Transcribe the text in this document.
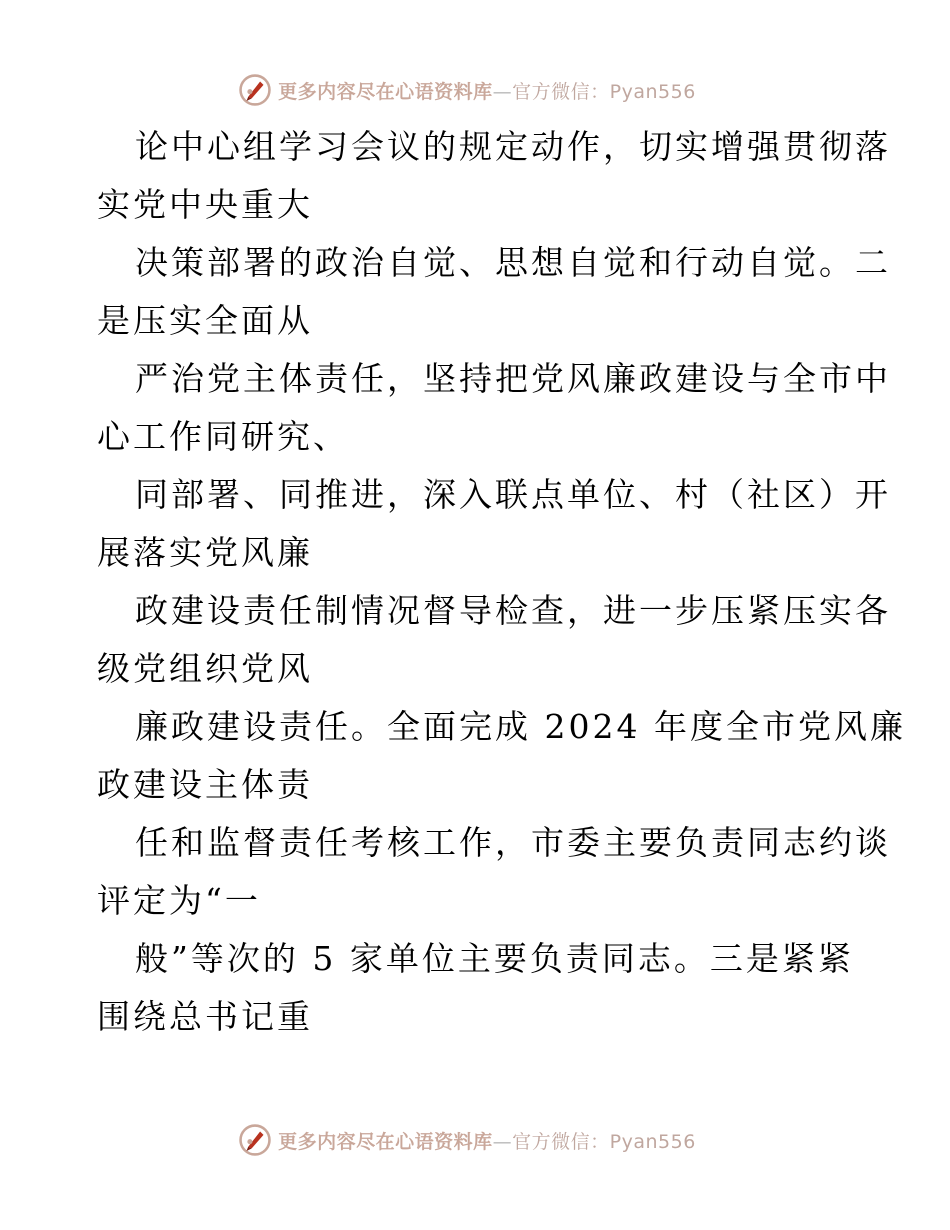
更多内容尽在心语资料库—官方微信：Pyan556
论中心组学习会议的规定动作，切实增强贯彻落
实党中央重大
决策部署的政治自觉、思想自觉和行动自觉。二
是压实全面从
严治党主体责任，坚持把党风廉政建设与全市中
心工作同研究、
同部署、同推进，深入联点单位、村（社区）开
展落实党风廉
政建设责任制情况督导检查，进一步压紧压实各
级党组织党风
廉政建设责任。全面完成 2024 年度全市党风廉
政建设主体责
任和监督责任考核工作，市委主要负责同志约谈
评定为“一
般”等次的 5 家单位主要负责同志。三是紧紧
围绕总书记重
更多内容尽在心语资料库—官方微信：Pyan556
